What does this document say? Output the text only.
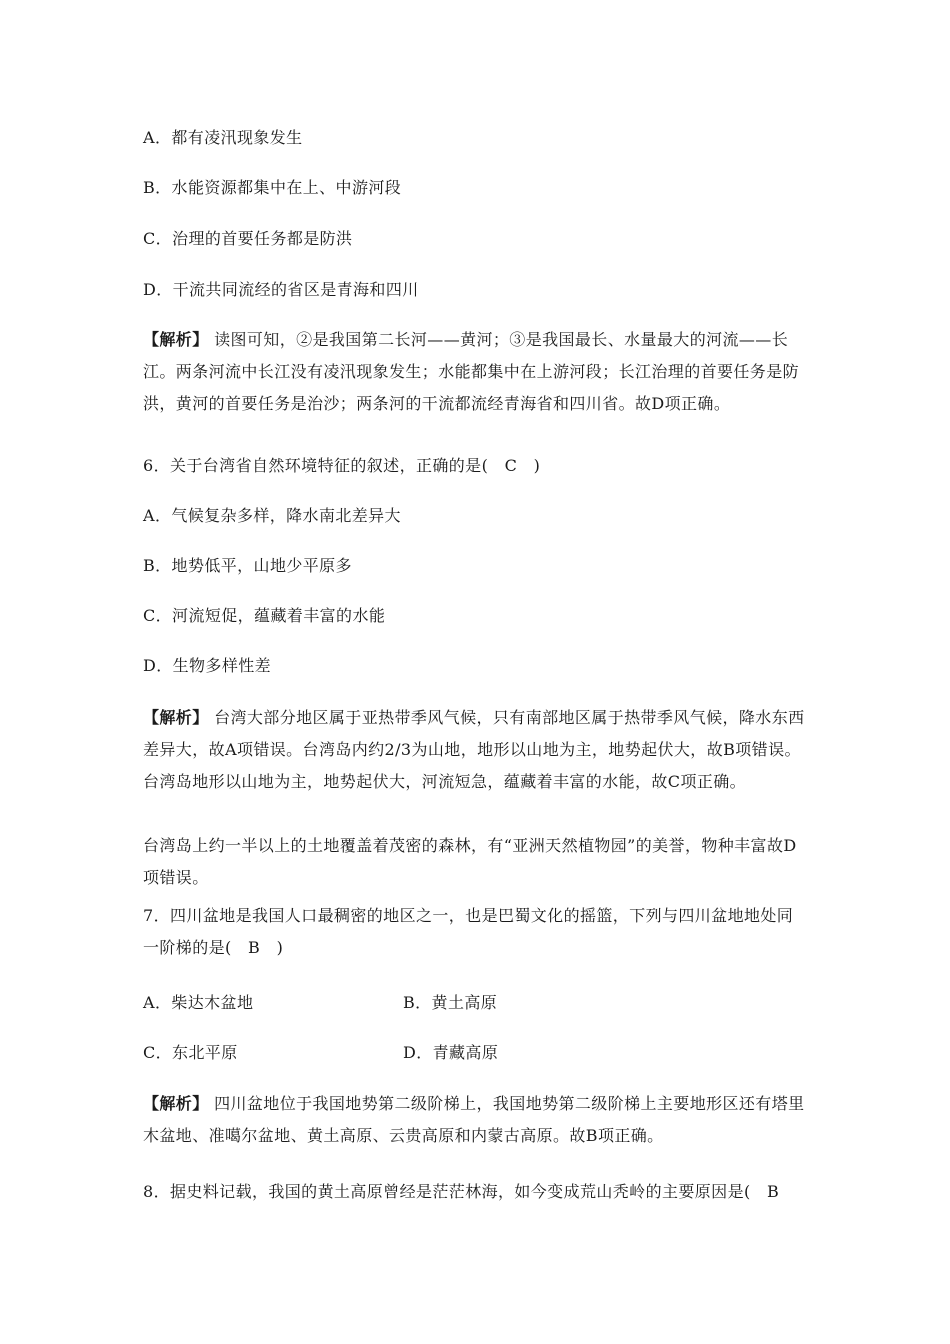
A．都有凌汛现象发生
B．水能资源都集中在上、中游河段
C．治理的首要任务都是防洪
D．干流共同流经的省区是青海和四川
【解析】 读图可知，②是我国第二长河——黄河；③是我国最长、水量最大的河流——长江。两条河流中长江没有凌汛现象发生；水能都集中在上游河段；长江治理的首要任务是防洪，黄河的首要任务是治沙；两条河的干流都流经青海省和四川省。故D项正确。
6．关于台湾省自然环境特征的叙述，正确的是(　C　)
A．气候复杂多样，降水南北差异大
B．地势低平，山地少平原多
C．河流短促，蕴藏着丰富的水能
D．生物多样性差
【解析】 台湾大部分地区属于亚热带季风气候，只有南部地区属于热带季风气候，降水东西差异大，故A项错误。台湾岛内约2/3为山地，地形以山地为主，地势起伏大，故B项错误。台湾岛地形以山地为主，地势起伏大，河流短急，蕴藏着丰富的水能，故C项正确。
台湾岛上约一半以上的土地覆盖着茂密的森林，有“亚洲天然植物园”的美誉，物种丰富故D项错误。
7．四川盆地是我国人口最稠密的地区之一，也是巴蜀文化的摇篮，下列与四川盆地地处同一阶梯的是(　B　)
A．柴达木盆地	B．黄土高原
C．东北平原	D．青藏高原
【解析】 四川盆地位于我国地势第二级阶梯上，我国地势第二级阶梯上主要地形区还有塔里木盆地、准噶尔盆地、黄土高原、云贵高原和内蒙古高原。故B项正确。
8．据史料记载，我国的黄土高原曾经是茫茫林海，如今变成荒山秃岭的主要原因是(　B
